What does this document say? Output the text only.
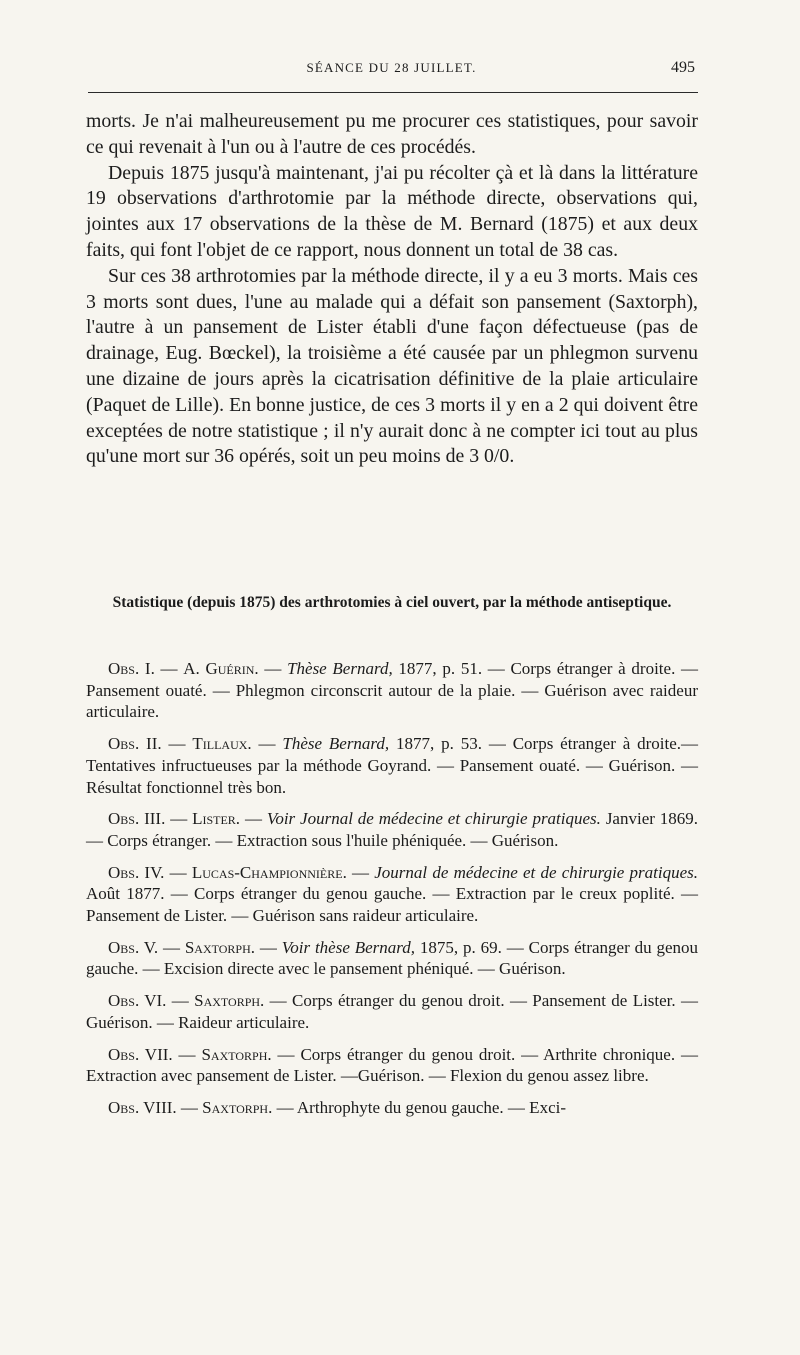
SÉANCE DU 28 JUILLET.	495

morts. Je n'ai malheureusement pu me procurer ces statistiques, pour savoir ce qui revenait à l'un ou à l'autre de ces procédés.

Depuis 1875 jusqu'à maintenant, j'ai pu récolter çà et là dans la littérature 19 observations d'arthrotomie par la méthode directe, observations qui, jointes aux 17 observations de la thèse de M. Bernard (1875) et aux deux faits, qui font l'objet de ce rapport, nous donnent un total de 38 cas.

Sur ces 38 arthrotomies par la méthode directe, il y a eu 3 morts. Mais ces 3 morts sont dues, l'une au malade qui a défait son pansement (Saxtorph), l'autre à un pansement de Lister établi d'une façon défectueuse (pas de drainage, Eug. Bœckel), la troisième a été causée par un phlegmon survenu une dizaine de jours après la cicatrisation définitive de la plaie articulaire (Paquet de Lille). En bonne justice, de ces 3 morts il y en a 2 qui doivent être exceptées de notre statistique ; il n'y aurait donc à ne compter ici tout au plus qu'une mort sur 36 opérés, soit un peu moins de 3 0/0.

Statistique (depuis 1875) des arthrotomies à ciel ouvert, par la méthode antiseptique.

Obs. I. — A. Guérin. — Thèse Bernard, 1877, p. 51. — Corps étranger à droite. — Pansement ouaté. — Phlegmon circonscrit autour de la plaie. — Guérison avec raideur articulaire.

Obs. II. — Tillaux. — Thèse Bernard, 1877, p. 53. — Corps étranger à droite.—Tentatives infructueuses par la méthode Goyrand. — Pansement ouaté. — Guérison. — Résultat fonctionnel très bon.

Obs. III. — Lister. — Voir Journal de médecine et chirurgie pratiques. Janvier 1869. — Corps étranger. — Extraction sous l'huile phéniquée. — Guérison.

Obs. IV. — Lucas-Championnière. — Journal de médecine et de chirurgie pratiques. Août 1877. — Corps étranger du genou gauche. — Extraction par le creux poplité. — Pansement de Lister. — Guérison sans raideur articulaire.

Obs. V. — Saxtorph. — Voir thèse Bernard, 1875, p. 69. — Corps étranger du genou gauche. — Excision directe avec le pansement phéniqué. — Guérison.

Obs. VI. — Saxtorph. — Corps étranger du genou droit. — Pansement de Lister. — Guérison. — Raideur articulaire.

Obs. VII. — Saxtorph. — Corps étranger du genou droit. — Arthrite chronique. — Extraction avec pansement de Lister. —Guérison. — Flexion du genou assez libre.

Obs. VIII. — Saxtorph. — Arthrophyte du genou gauche. — Exci-
